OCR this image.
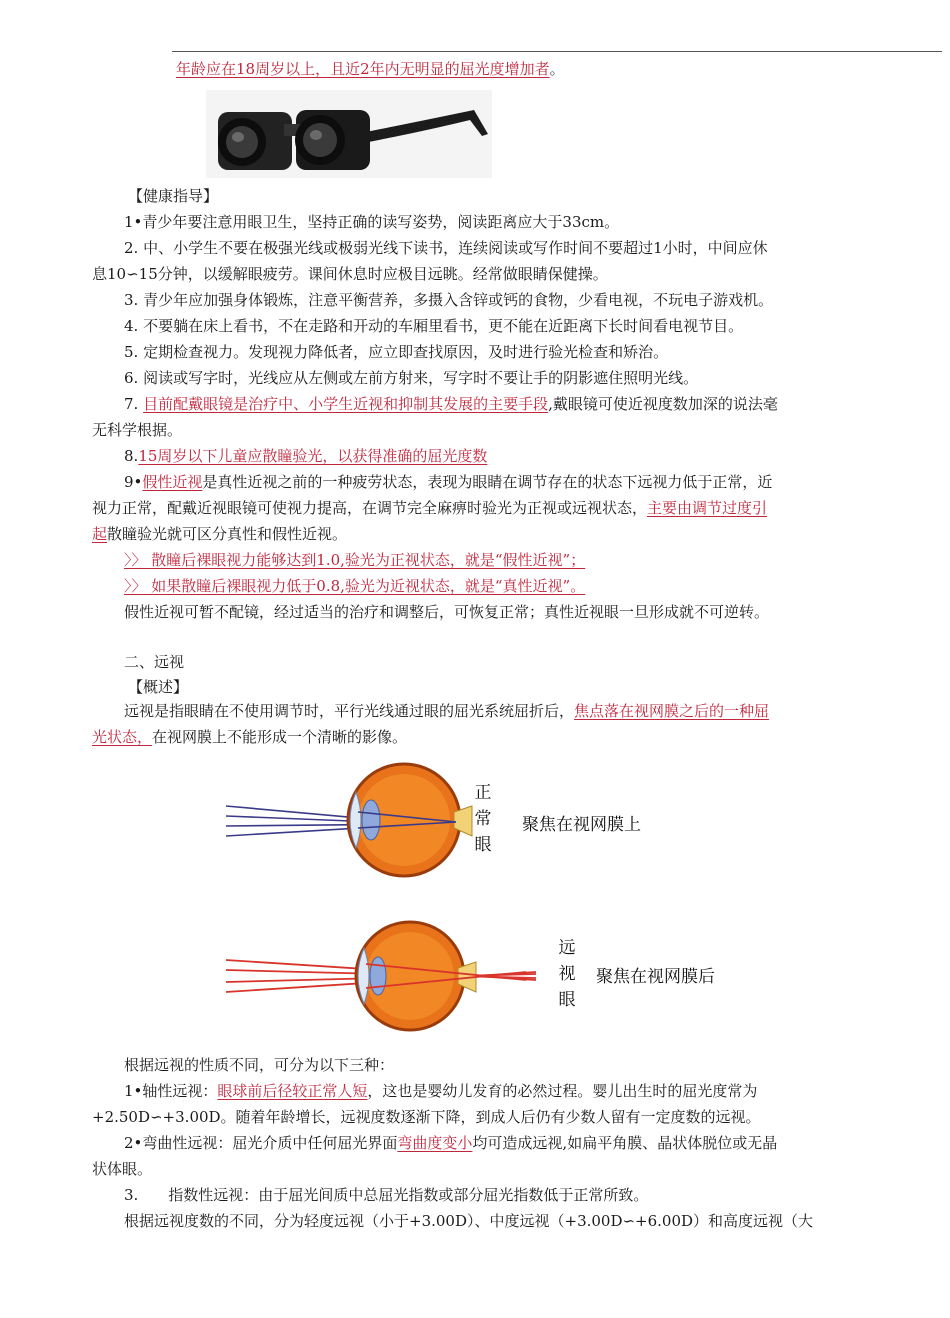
年龄应在18周岁以上，且近2年内无明显的屈光度增加者。
【健康指导】
1•青少年要注意用眼卫生，坚持正确的读写姿势，阅读距离应大于33cm。
2. 中、小学生不要在极强光线或极弱光线下读书，连续阅读或写作时间不要超过1小时，中间应休
息10∽15分钟，以缓解眼疲劳。课间休息时应极目远眺。经常做眼睛保健操。
3. 青少年应加强身体锻炼，注意平衡营养，多摄入含锌或钙的食物，少看电视，不玩电子游戏机。
4. 不要躺在床上看书，不在走路和开动的车厢里看书，更不能在近距离下长时间看电视节目。
5. 定期检查视力。发现视力降低者，应立即查找原因，及时进行验光检查和矫治。
6. 阅读或写字时，光线应从左侧或左前方射来，写字时不要让手的阴影遮住照明光线。
7. 目前配戴眼镜是治疗中、小学生近视和抑制其发展的主要手段,戴眼镜可使近视度数加深的说法毫
无科学根据。
8.15周岁以下儿童应散瞳验光，以获得准确的屈光度数
9•假性近视是真性近视之前的一种疲劳状态，表现为眼睛在调节存在的状态下远视力低于正常，近
视力正常，配戴近视眼镜可使视力提高，在调节完全麻痹时验光为正视或远视状态，主要由调节过度引
起散瞳验光就可区分真性和假性近视。
〉〉 散瞳后裸眼视力能够达到1.0,验光为正视状态，就是“假性近视”；
〉〉 如果散瞳后裸眼视力低于0.8,验光为近视状态，就是“真性近视”。
假性近视可暂不配镜，经过适当的治疗和调整后，可恢复正常；真性近视眼一旦形成就不可逆转。
二、远视
【概述】
远视是指眼睛在不使用调节时，平行光线通过眼的屈光系统屈折后，焦点落在视网膜之后的一种屈
光状态，在视网膜上不能形成一个清晰的影像。
正常眼
聚焦在视网膜上
远视眼
聚焦在视网膜后
根据远视的性质不同，可分为以下三种：
1•轴性远视：眼球前后径较正常人短，这也是婴幼儿发育的必然过程。婴儿出生时的屈光度常为
+2.50D∽+3.00D。随着年龄增长，远视度数逐渐下降，到成人后仍有少数人留有一定度数的远视。
2•弯曲性远视：屈光介质中任何屈光界面弯曲度变小均可造成远视,如扁平角膜、晶状体脱位或无晶
状体眼。
3.　　指数性远视：由于屈光间质中总屈光指数或部分屈光指数低于正常所致。
根据远视度数的不同，分为轻度远视（小于+3.00D）、中度远视（+3.00D∽+6.00D）和高度远视（大
